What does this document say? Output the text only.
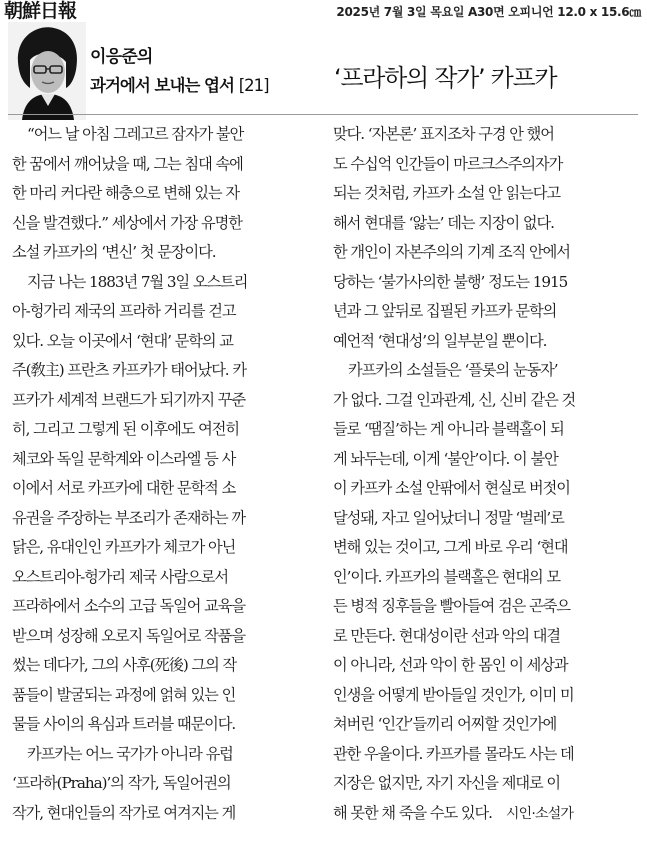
朝鮮日報	2025년 7월 3일 목요일 A30면 오피니언 12.0 x 15.6㎝
이응준의
과거에서 보내는 엽서 [21]	‘프라하의 작가’ 카프카
“어느 날 아침 그레고르 잠자가 불안
한 꿈에서 깨어났을 때, 그는 침대 속에
한 마리 커다란 해충으로 변해 있는 자
신을 발견했다.” 세상에서 가장 유명한
소설 카프카의 ‘변신’ 첫 문장이다.
지금 나는 1883년 7월 3일 오스트리
아-헝가리 제국의 프라하 거리를 걷고
있다. 오늘 이곳에서 ‘현대’ 문학의 교
주(敎主) 프란츠 카프카가 태어났다. 카
프카가 세계적 브랜드가 되기까지 꾸준
히, 그리고 그렇게 된 이후에도 여전히
체코와 독일 문학계와 이스라엘 등 사
이에서 서로 카프카에 대한 문학적 소
유권을 주장하는 부조리가 존재하는 까
닭은, 유대인인 카프카가 체코가 아닌
오스트리아-헝가리 제국 사람으로서
프라하에서 소수의 고급 독일어 교육을
받으며 성장해 오로지 독일어로 작품을
썼는 데다가, 그의 사후(死後) 그의 작
품들이 발굴되는 과정에 얽혀 있는 인
물들 사이의 욕심과 트러블 때문이다.
카프카는 어느 국가가 아니라 유럽
‘프라하(Praha)’의 작가, 독일어권의
작가, 현대인들의 작가로 여겨지는 게
맞다. ‘자본론’ 표지조차 구경 안 했어
도 수십억 인간들이 마르크스주의자가
되는 것처럼, 카프카 소설 안 읽는다고
해서 현대를 ‘앓는’ 데는 지장이 없다.
한 개인이 자본주의의 기계 조직 안에서
당하는 ‘불가사의한 불행’ 정도는 1915
년과 그 앞뒤로 집필된 카프카 문학의
예언적 ‘현대성’의 일부분일 뿐이다.
카프카의 소설들은 ‘플롯의 눈동자’
가 없다. 그걸 인과관계, 신, 신비 같은 것
들로 ‘땜질’하는 게 아니라 블랙홀이 되
게 놔두는데, 이게 ‘불안’이다. 이 불안
이 카프카 소설 안팎에서 현실로 버젓이
달성돼, 자고 일어났더니 정말 ‘벌레’로
변해 있는 것이고, 그게 바로 우리 ‘현대
인’이다. 카프카의 블랙홀은 현대의 모
든 병적 징후들을 빨아들여 검은 곤죽으
로 만든다. 현대성이란 선과 악의 대결
이 아니라, 선과 악이 한 몸인 이 세상과
인생을 어떻게 받아들일 것인가, 이미 미
쳐버린 ‘인간’들끼리 어찌할 것인가에
관한 우울이다. 카프카를 몰라도 사는 데
지장은 없지만, 자기 자신을 제대로 이
해 못한 채 죽을 수도 있다. 시인·소설가
